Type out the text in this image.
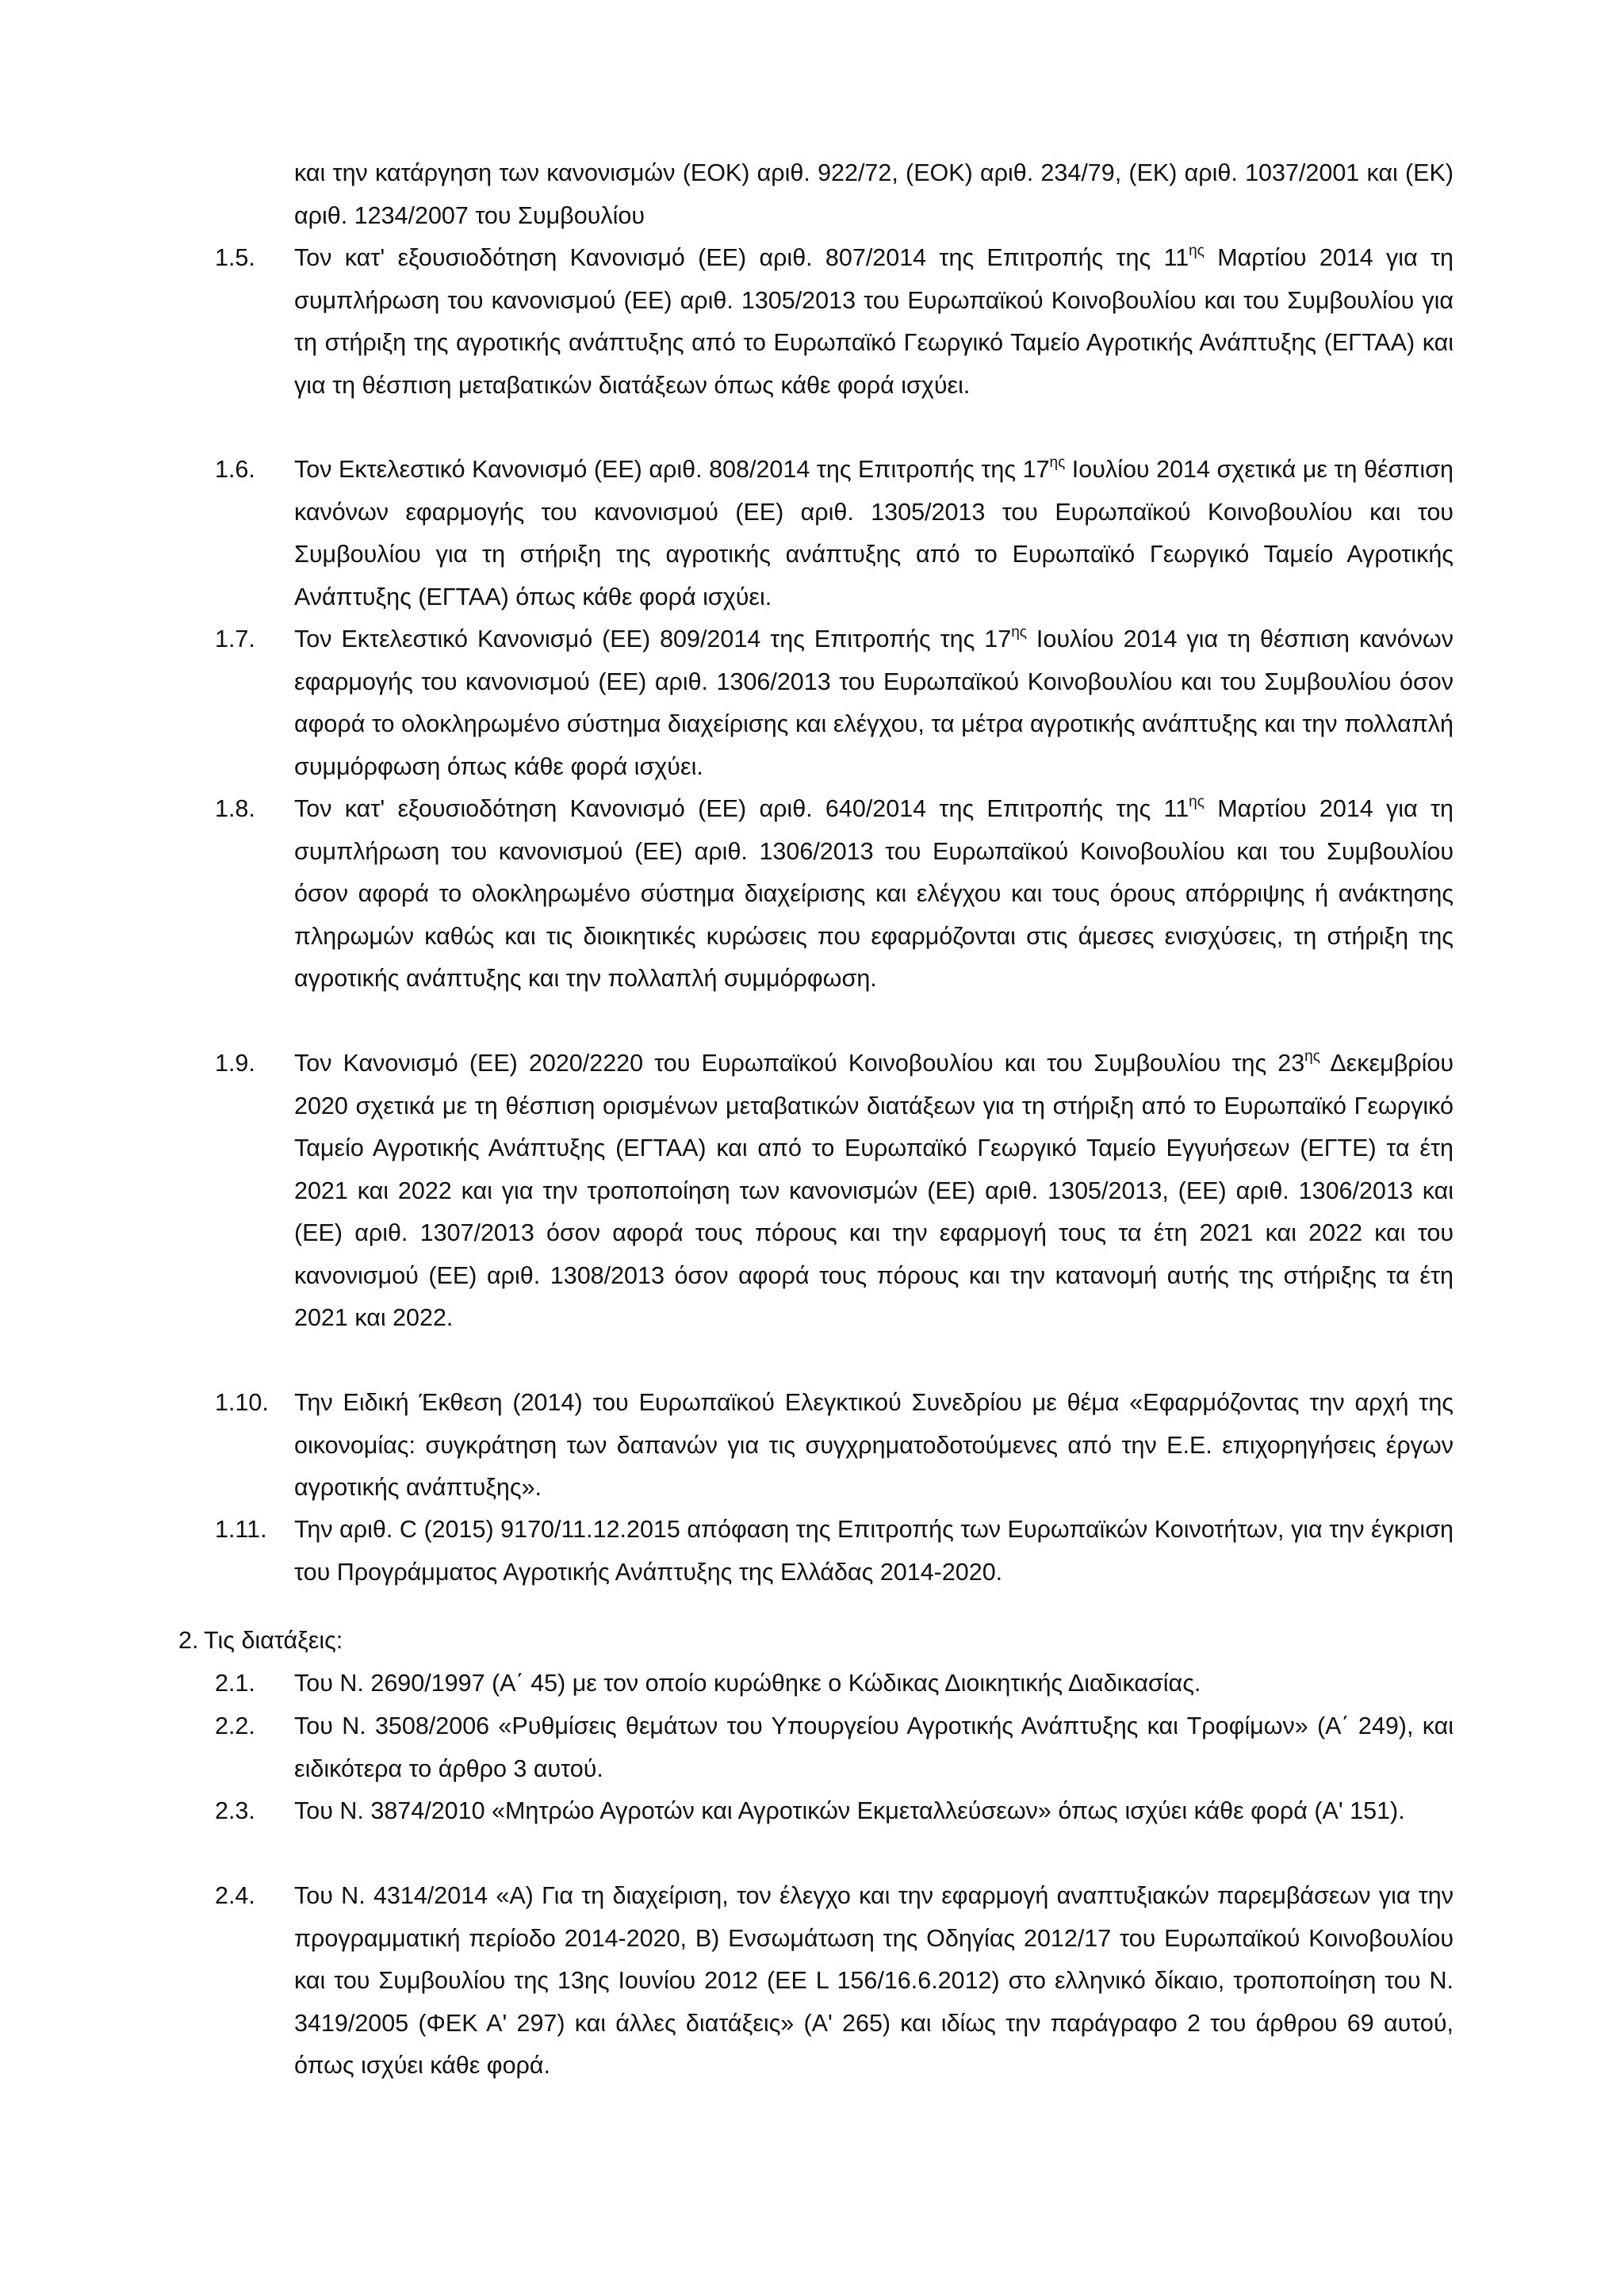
και την κατάργηση των κανονισμών (ΕΟΚ) αριθ. 922/72, (ΕΟΚ) αριθ. 234/79, (ΕΚ) αριθ. 1037/2001 και (ΕΚ) αριθ. 1234/2007 του Συμβουλίου
1.5. Τον κατ' εξουσιοδότηση Κανονισμό (ΕΕ) αριθ. 807/2014 της Επιτροπής της $11^{\eta\varsigma}$ Μαρτίου 2014 για τη συμπλήρωση του κανονισμού (ΕΕ) αριθ. 1305/2013 του Ευρωπαϊκού Κοινοβουλίου και του Συμβουλίου για τη στήριξη της αγροτικής ανάπτυξης από το Ευρωπαϊκό Γεωργικό Ταμείο Αγροτικής Ανάπτυξης (ΕΓΤΑΑ) και για τη θέσπιση μεταβατικών διατάξεων όπως κάθε φορά ισχύει.
1.6. Τον Εκτελεστικό Κανονισμό (ΕΕ) αριθ. 808/2014 της Επιτροπής της $17^{\eta\varsigma}$ Ιουλίου 2014 σχετικά με τη θέσπιση κανόνων εφαρμογής του κανονισμού (ΕΕ) αριθ. 1305/2013 του Ευρωπαϊκού Κοινοβουλίου και του Συμβουλίου για τη στήριξη της αγροτικής ανάπτυξης από το Ευρωπαϊκό Γεωργικό Ταμείο Αγροτικής Ανάπτυξης (ΕΓΤΑΑ) όπως κάθε φορά ισχύει.
1.7. Τον Εκτελεστικό Κανονισμό (ΕΕ) 809/2014 της Επιτροπής της $17^{\eta\varsigma}$ Ιουλίου 2014 για τη θέσπιση κανόνων εφαρμογής του κανονισμού (ΕΕ) αριθ. 1306/2013 του Ευρωπαϊκού Κοινοβουλίου και του Συμβουλίου όσον αφορά το ολοκληρωμένο σύστημα διαχείρισης και ελέγχου, τα μέτρα αγροτικής ανάπτυξης και την πολλαπλή συμμόρφωση όπως κάθε φορά ισχύει.
1.8. Τον κατ' εξουσιοδότηση Κανονισμό (ΕΕ) αριθ. 640/2014 της Επιτροπής της $11^{\eta\varsigma}$ Μαρτίου 2014 για τη συμπλήρωση του κανονισμού (ΕΕ) αριθ. 1306/2013 του Ευρωπαϊκού Κοινοβουλίου και του Συμβουλίου όσον αφορά το ολοκληρωμένο σύστημα διαχείρισης και ελέγχου και τους όρους απόρριψης ή ανάκτησης πληρωμών καθώς και τις διοικητικές κυρώσεις που εφαρμόζονται στις άμεσες ενισχύσεις, τη στήριξη της αγροτικής ανάπτυξης και την πολλαπλή συμμόρφωση.
1.9. Τον Κανονισμό (ΕΕ) 2020/2220 του Ευρωπαϊκού Κοινοβουλίου και του Συμβουλίου της $23^{\eta\varsigma}$ Δεκεμβρίου 2020 σχετικά με τη θέσπιση ορισμένων μεταβατικών διατάξεων για τη στήριξη από το Ευρωπαϊκό Γεωργικό Ταμείο Αγροτικής Ανάπτυξης (ΕΓΤΑΑ) και από το Ευρωπαϊκό Γεωργικό Ταμείο Εγγυήσεων (ΕΓΤΕ) τα έτη 2021 και 2022 και για την τροποποίηση των κανονισμών (ΕΕ) αριθ. 1305/2013, (ΕΕ) αριθ. 1306/2013 και (ΕΕ) αριθ. 1307/2013 όσον αφορά τους πόρους και την εφαρμογή τους τα έτη 2021 και 2022 και του κανονισμού (ΕΕ) αριθ. 1308/2013 όσον αφορά τους πόρους και την κατανομή αυτής της στήριξης τα έτη 2021 και 2022.
1.10. Την Ειδική Έκθεση (2014) του Ευρωπαϊκού Ελεγκτικού Συνεδρίου με θέμα «Εφαρμόζοντας την αρχή της οικονομίας: συγκράτηση των δαπανών για τις συγχρηματοδοτούμενες από την Ε.Ε. επιχορηγήσεις έργων αγροτικής ανάπτυξης».
1.11. Την αριθ. C (2015) 9170/11.12.2015 απόφαση της Επιτροπής των Ευρωπαϊκών Κοινοτήτων, για την έγκριση του Προγράμματος Αγροτικής Ανάπτυξης της Ελλάδας 2014-2020.
2. Τις διατάξεις:
2.1. Του Ν. 2690/1997 (Α΄ 45) με τον οποίο κυρώθηκε ο Κώδικας Διοικητικής Διαδικασίας.
2.2. Του Ν. 3508/2006 «Ρυθμίσεις θεμάτων του Υπουργείου Αγροτικής Ανάπτυξης και Τροφίμων» (Α΄ 249), και ειδικότερα το άρθρο 3 αυτού.
2.3. Του Ν. 3874/2010 «Μητρώο Αγροτών και Αγροτικών Εκμεταλλεύσεων» όπως ισχύει κάθε φορά (Α' 151).
2.4. Του Ν. 4314/2014 «Α) Για τη διαχείριση, τον έλεγχο και την εφαρμογή αναπτυξιακών παρεμβάσεων για την προγραμματική περίοδο 2014-2020, Β) Ενσωμάτωση της Οδηγίας 2012/17 του Ευρωπαϊκού Κοινοβουλίου και του Συμβουλίου της 13ης Ιουνίου 2012 (ΕΕ L 156/16.6.2012) στο ελληνικό δίκαιο, τροποποίηση του Ν. 3419/2005 (ΦΕΚ Α' 297) και άλλες διατάξεις» (Α' 265) και ιδίως την παράγραφο 2 του άρθρου 69 αυτού, όπως ισχύει κάθε φορά.
